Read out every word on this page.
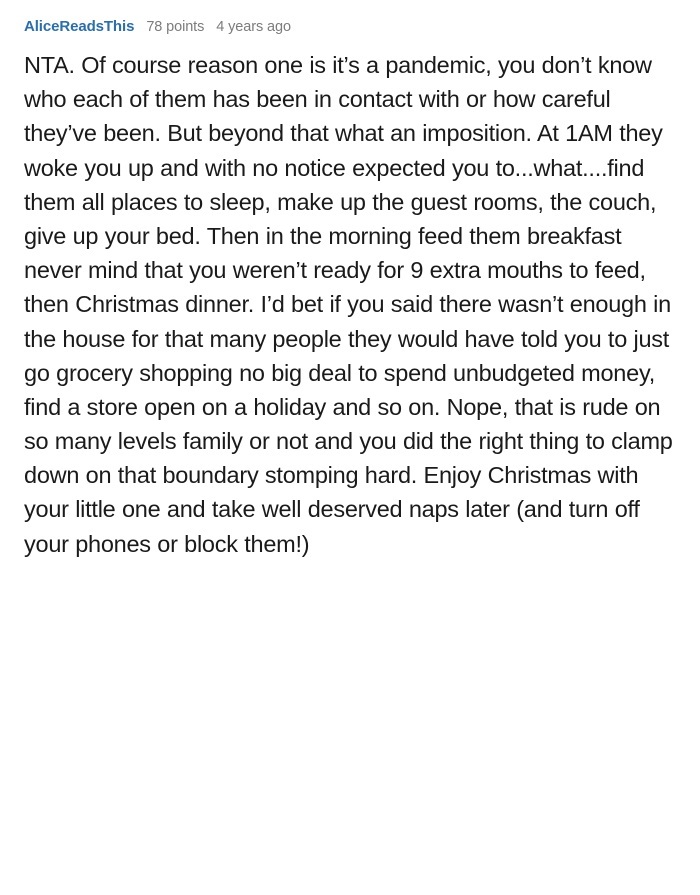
AliceReadsThis 78 points 4 years ago
NTA. Of course reason one is it’s a pandemic, you don’t know who each of them has been in contact with or how careful they’ve been. But beyond that what an imposition. At 1AM they woke you up and with no notice expected you to...what....find them all places to sleep, make up the guest rooms, the couch, give up your bed. Then in the morning feed them breakfast never mind that you weren’t ready for 9 extra mouths to feed, then Christmas dinner. I’d bet if you said there wasn’t enough in the house for that many people they would have told you to just go grocery shopping no big deal to spend unbudgeted money, find a store open on a holiday and so on. Nope, that is rude on so many levels family or not and you did the right thing to clamp down on that boundary stomping hard. Enjoy Christmas with your little one and take well deserved naps later (and turn off your phones or block them!)
